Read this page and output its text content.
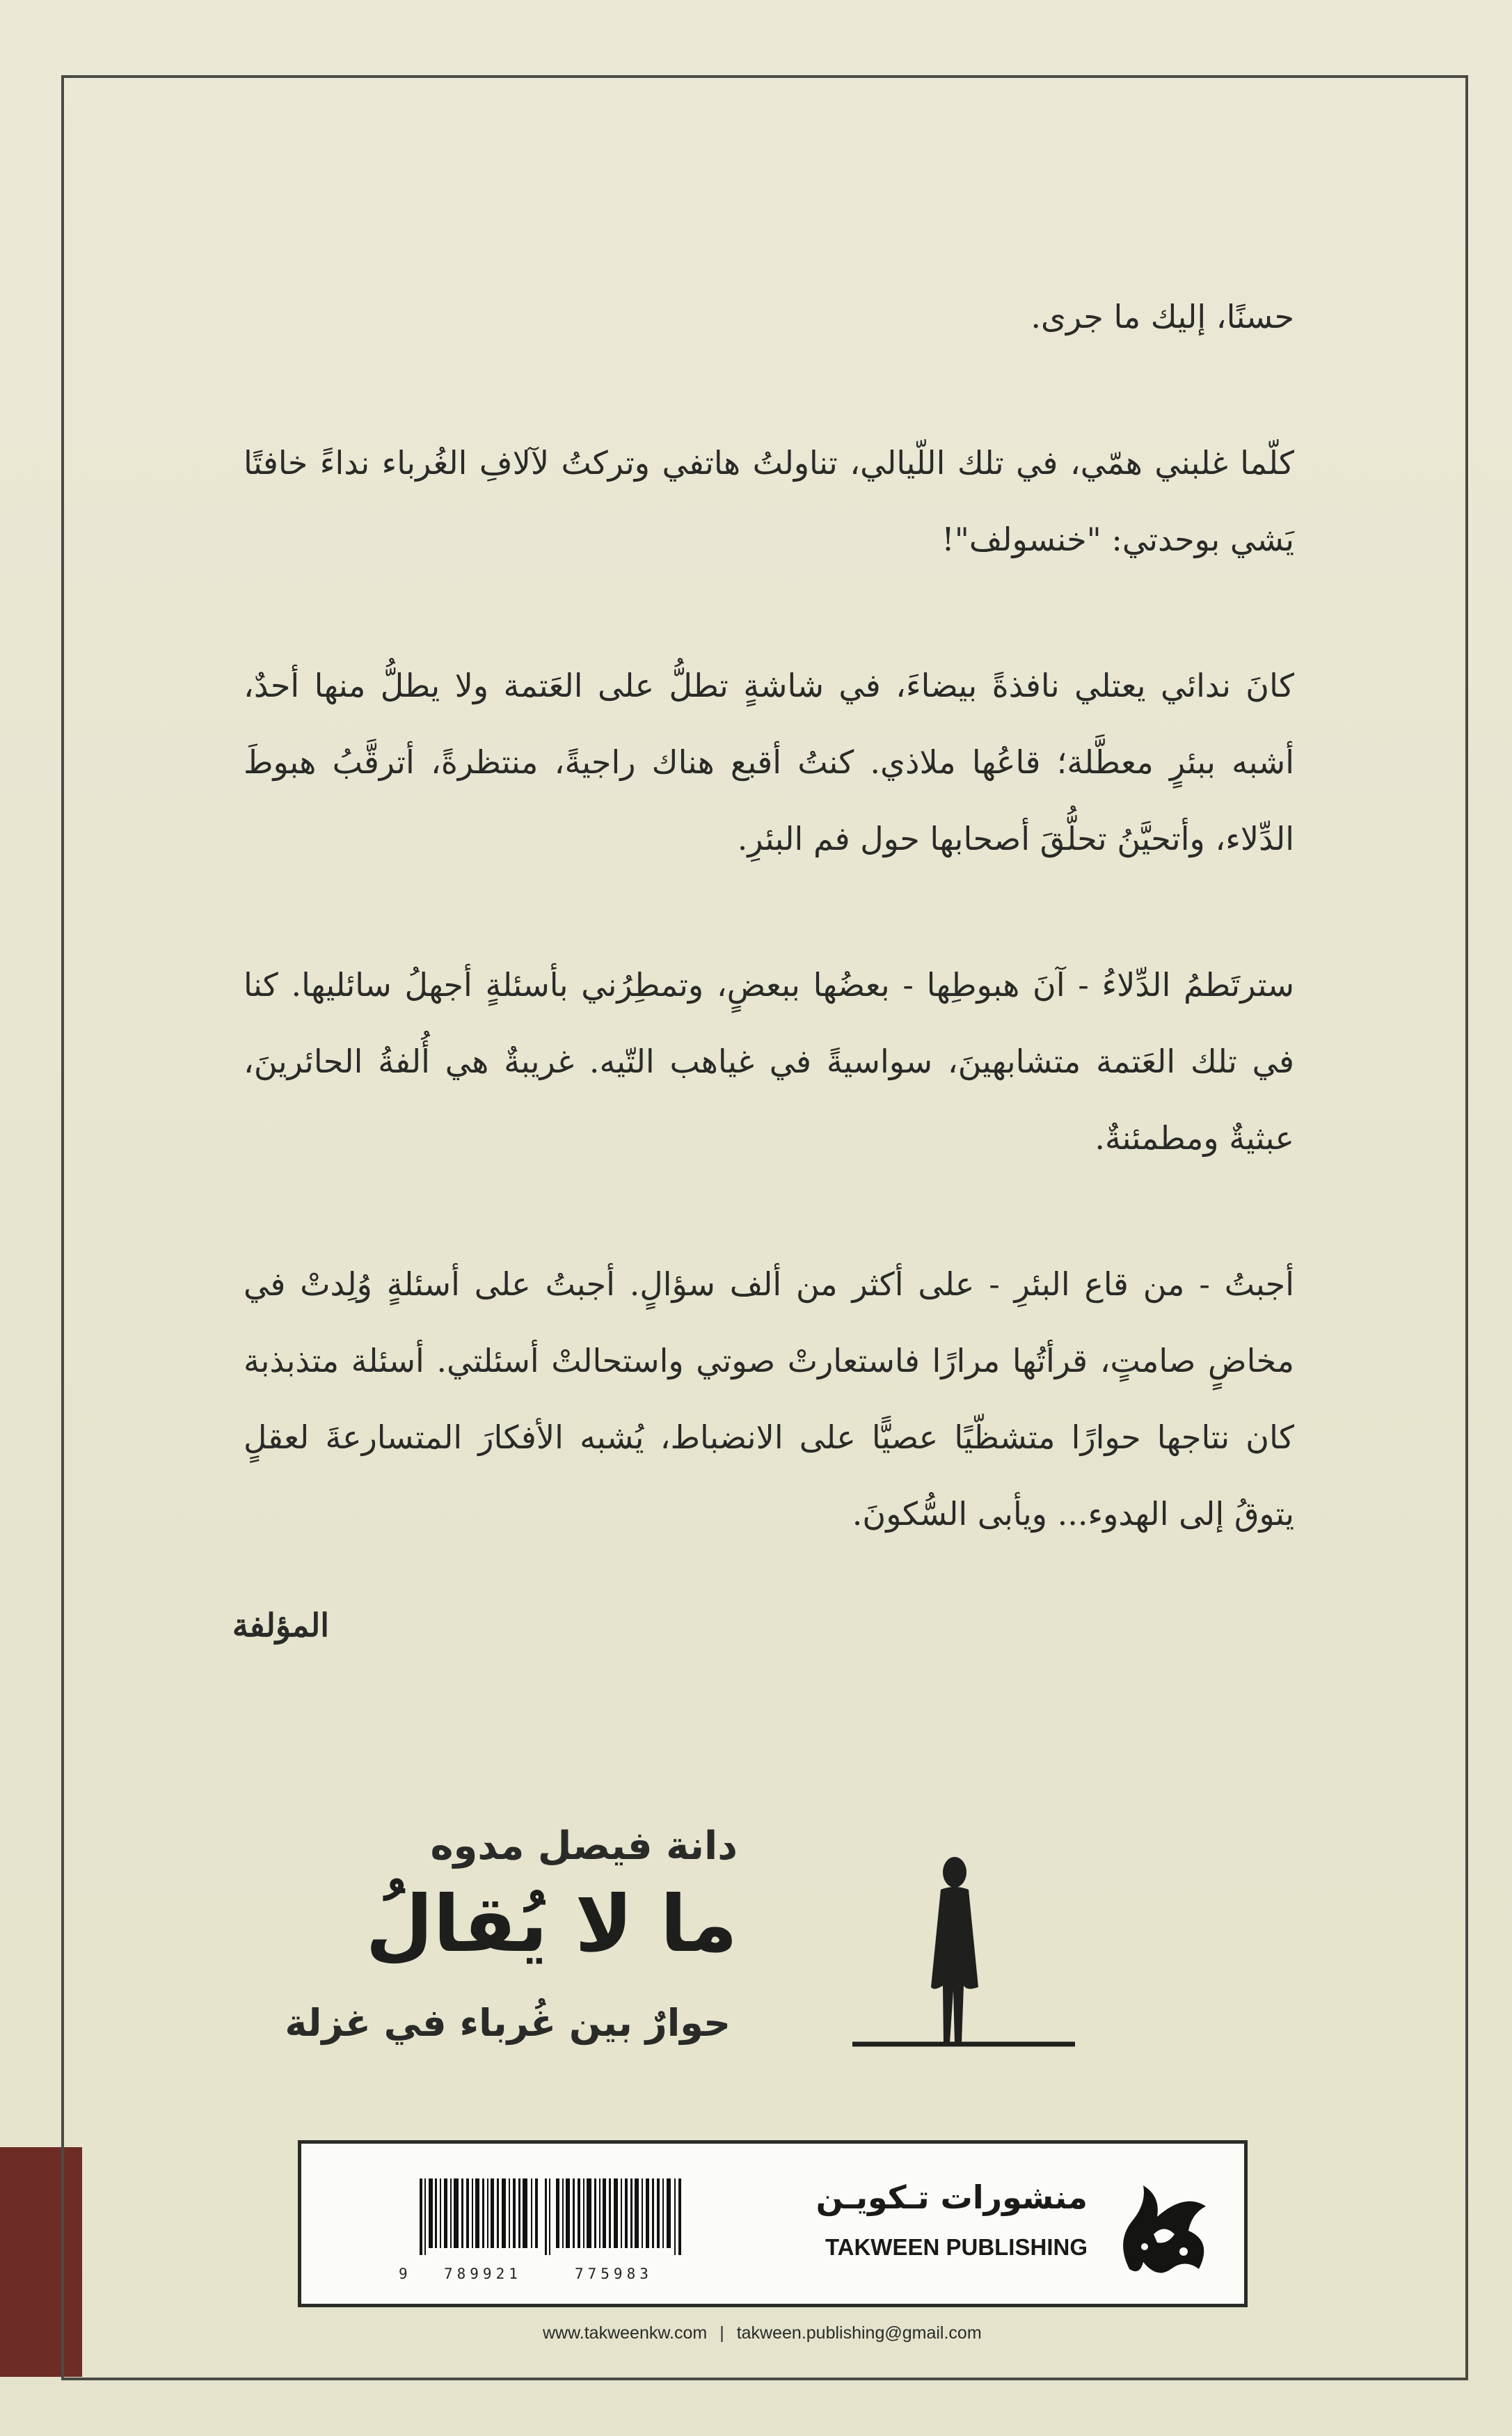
حسنًا، إليك ما جرى.

كلّما غلبني همّي، في تلك اللّيالي، تناولتُ هاتفي وتركتُ لآلافِ الغُرباء نداءً خافتًا يَشي بوحدتي: "خنسولف"!

كانَ ندائي يعتلي نافذةً بيضاءَ، في شاشةٍ تطلُّ على العَتمة ولا يطلُّ منها أحدٌ، أشبه ببئرٍ معطَّلة؛ قاعُها ملاذي. كنتُ أقبع هناك راجيةً، منتظرةً، أترقَّبُ هبوطَ الدِّلاء، وأتحيَّنُ تحلُّقَ أصحابها حول فم البئرِ.

سترتَطمُ الدِّلاءُ - آنَ هبوطِها - بعضُها ببعضٍ، وتمطِرُني بأسئلةٍ أجهلُ سائليها. كنا في تلك العَتمة متشابهينَ، سواسيةً في غياهب التّيه. غريبةٌ هي أُلفةُ الحائرينَ، عبثيةٌ ومطمئنةٌ.

أجبتُ - من قاع البئرِ - على أكثر من ألف سؤالٍ. أجبتُ على أسئلةٍ وُلِدتْ في مخاضٍ صامتٍ، قرأتُها مرارًا فاستعارتْ صوتي واستحالتْ أسئلتي. أسئلة متذبذبة كان نتاجها حوارًا متشظّيًا عصيًّا على الانضباط، يُشبه الأفكارَ المتسارعةَ لعقلٍ يتوقُ إلى الهدوء... ويأبى السُّكونَ.

المؤلفة
دانة فيصل مدوه
ما لا يُقالُ
حوارٌ بين غُرباء في غزلة
9 789921	775983
منشورات تـكويـن
TAKWEEN PUBLISHING
www.takweenkw.com | takween.publishing@gmail.com
